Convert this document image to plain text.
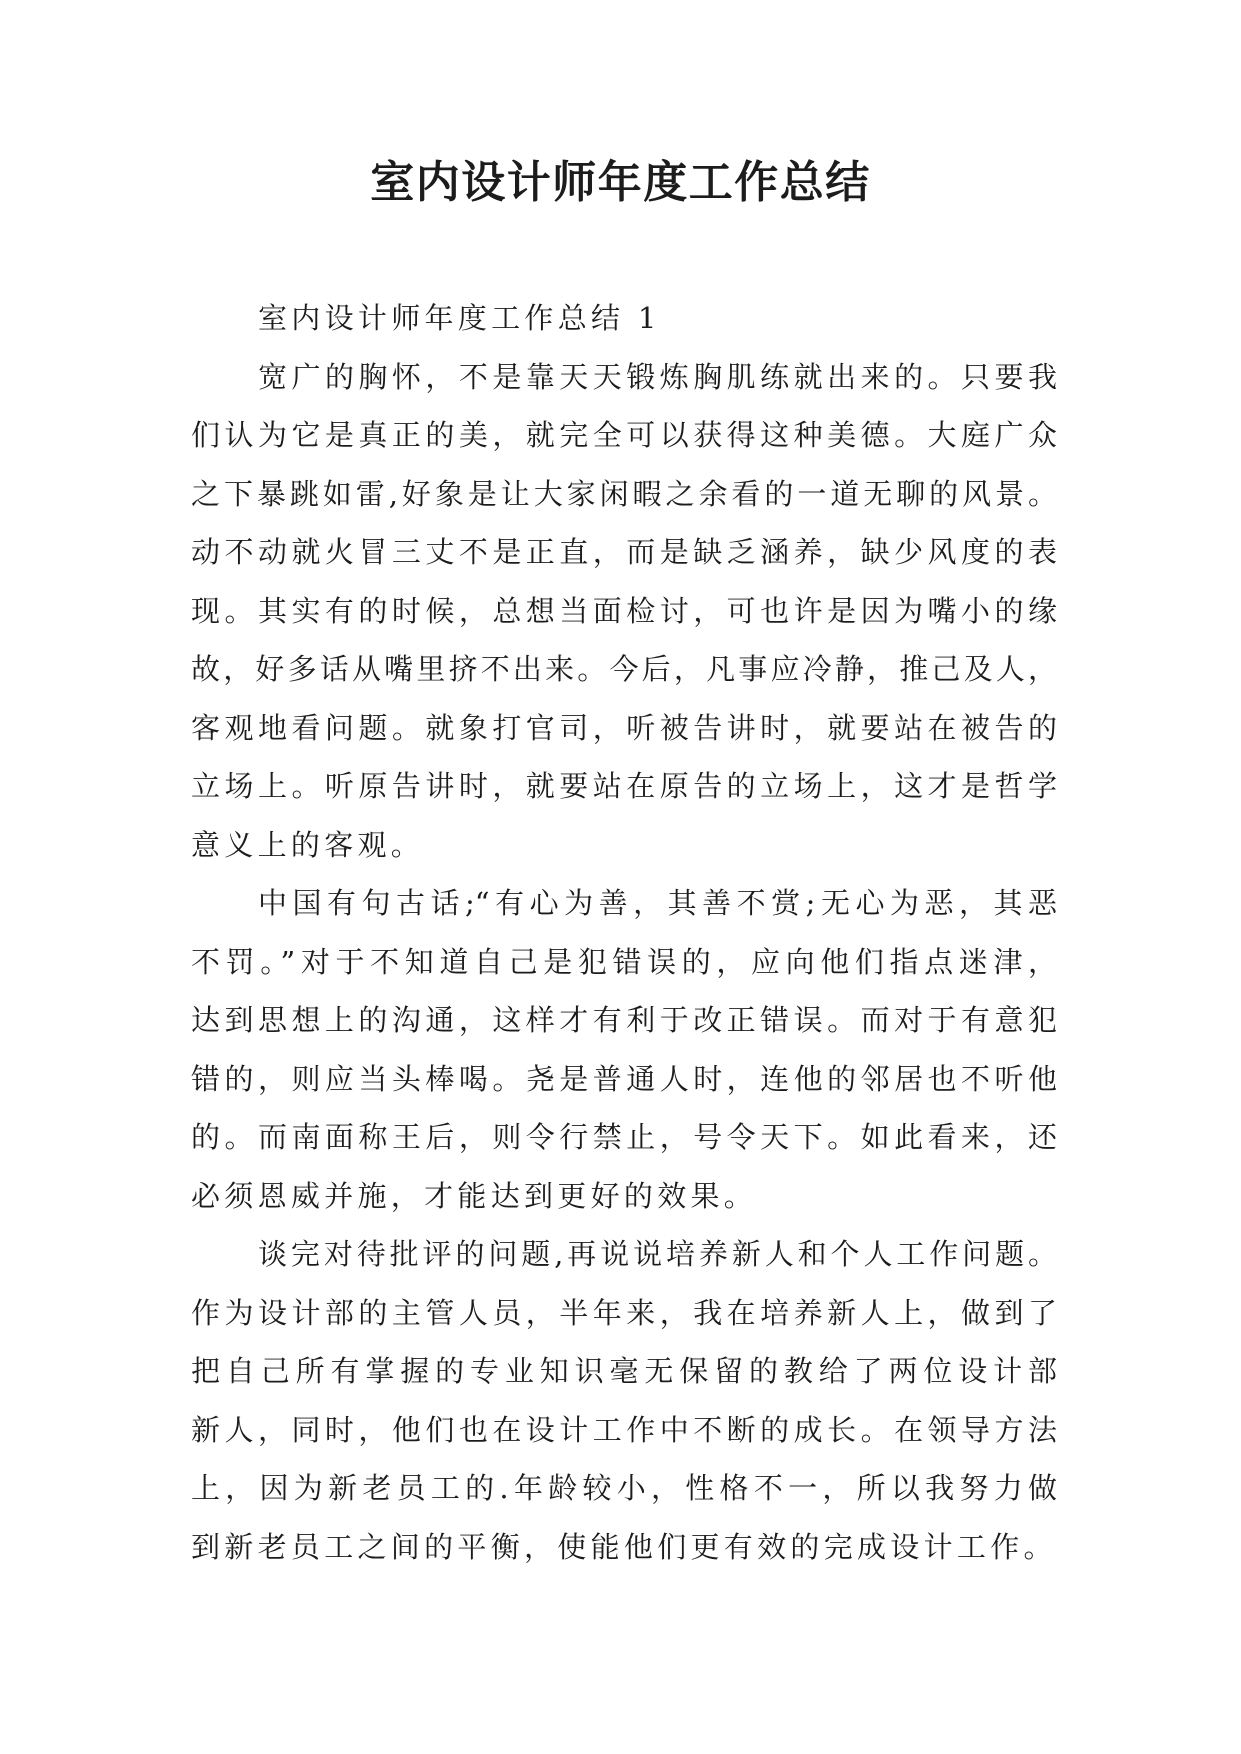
室内设计师年度工作总结
室内设计师年度工作总结 1
宽广的胸怀，不是靠天天锻炼胸肌练就出来的。只要我
们认为它是真正的美，就完全可以获得这种美德。大庭广众
之下暴跳如雷,好象是让大家闲暇之余看的一道无聊的风景。
动不动就火冒三丈不是正直，而是缺乏涵养，缺少风度的表
现。其实有的时候，总想当面检讨，可也许是因为嘴小的缘
故，好多话从嘴里挤不出来。今后，凡事应冷静，推己及人，
客观地看问题。就象打官司，听被告讲时，就要站在被告的
立场上。听原告讲时，就要站在原告的立场上，这才是哲学
意义上的客观。
中国有句古话;“有心为善，其善不赏;无心为恶，其恶
不罚。”对于不知道自己是犯错误的，应向他们指点迷津，
达到思想上的沟通，这样才有利于改正错误。而对于有意犯
错的，则应当头棒喝。尧是普通人时，连他的邻居也不听他
的。而南面称王后，则令行禁止，号令天下。如此看来，还
必须恩威并施，才能达到更好的效果。
谈完对待批评的问题,再说说培养新人和个人工作问题。
作为设计部的主管人员，半年来，我在培养新人上，做到了
把自己所有掌握的专业知识毫无保留的教给了两位设计部
新人，同时，他们也在设计工作中不断的成长。在领导方法
上，因为新老员工的.年龄较小，性格不一，所以我努力做
到新老员工之间的平衡，使能他们更有效的完成设计工作。
